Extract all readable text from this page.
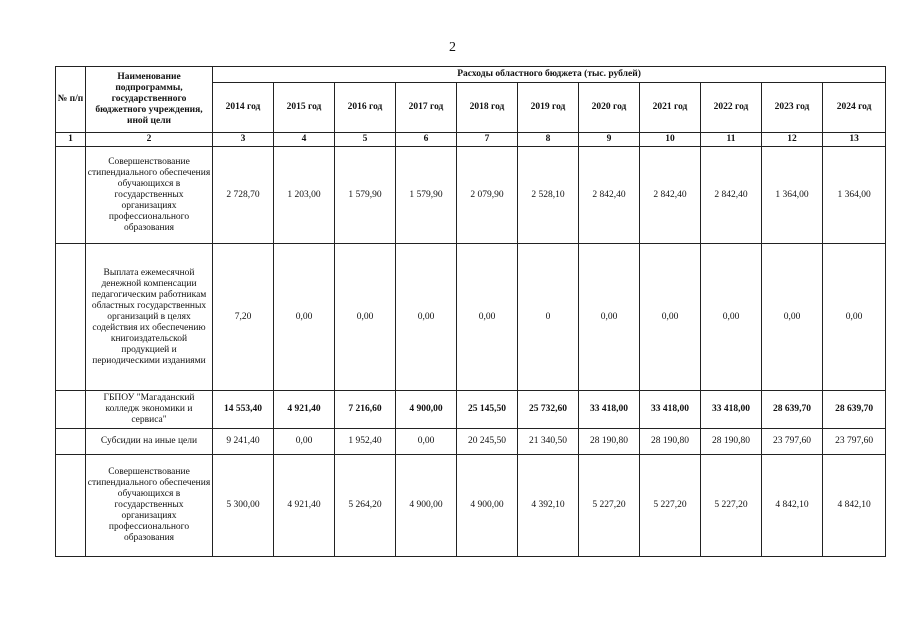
2
№ п/п	Наименование подпрограммы, государственного бюджетного учреждения, иной цели	Расходы областного бюджета (тыс. рублей)										
		2014 год	2015 год	2016 год	2017 год	2018 год	2019 год	2020 год	2021 год	2022 год	2023 год	2024 год
1	2	3	4	5	6	7	8	9	10	11	12	13
	Совершенствование стипендиального обеспечения обучающихся в государственных организациях профессионального образования	2 728,70	1 203,00	1 579,90	1 579,90	2 079,90	2 528,10	2 842,40	2 842,40	2 842,40	1 364,00	1 364,00
	Выплата ежемесячной денежной компенсации педагогическим работникам областных государственных организаций в целях содействия их обеспечению книгоиздательской продукцией и периодическими изданиями	7,20	0,00	0,00	0,00	0,00	0	0,00	0,00	0,00	0,00	0,00
	ГБПОУ "Магаданский колледж экономики и сервиса"	14 553,40	4 921,40	7 216,60	4 900,00	25 145,50	25 732,60	33 418,00	33 418,00	33 418,00	28 639,70	28 639,70
	Субсидии на иные цели	9 241,40	0,00	1 952,40	0,00	20 245,50	21 340,50	28 190,80	28 190,80	28 190,80	23 797,60	23 797,60
	Совершенствование стипендиального обеспечения обучающихся в государственных организациях профессионального образования	5 300,00	4 921,40	5 264,20	4 900,00	4 900,00	4 392,10	5 227,20	5 227,20	5 227,20	4 842,10	4 842,10
